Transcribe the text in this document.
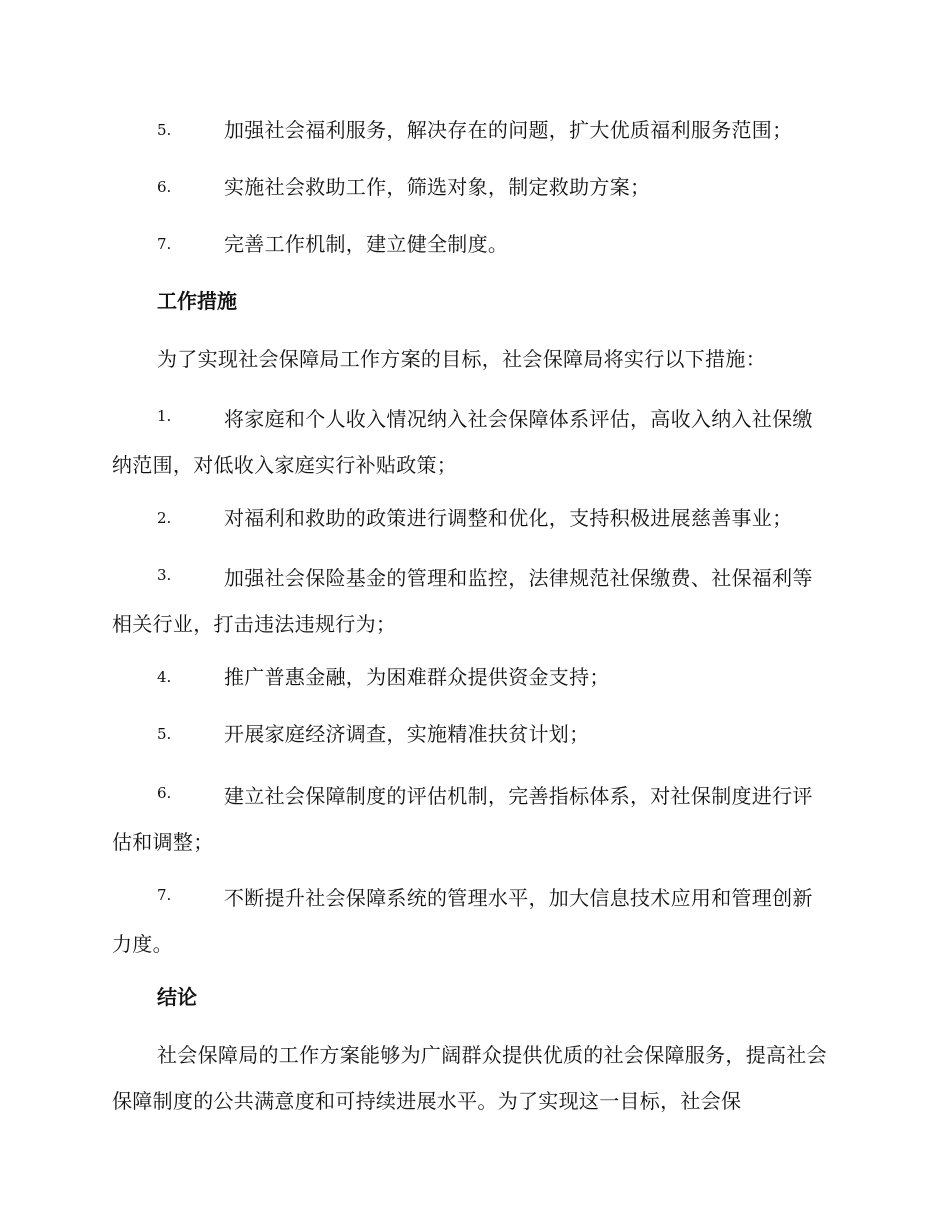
5.	加强社会福利服务，解决存在的问题，扩大优质福利服务范围；

6.	实施社会救助工作，筛选对象，制定救助方案；

7.	完善工作机制，建立健全制度。

工作措施

为了实现社会保障局工作方案的目标，社会保障局将实行以下措施：

1.	将家庭和个人收入情况纳入社会保障体系评估，高收入纳入社保缴纳范围，对低收入家庭实行补贴政策；

2.	对福利和救助的政策进行调整和优化，支持积极进展慈善事业；

3.	加强社会保险基金的管理和监控，法律规范社保缴费、社保福利等相关行业，打击违法违规行为；

4.	推广普惠金融，为困难群众提供资金支持；

5.	开展家庭经济调查，实施精准扶贫计划；

6.	建立社会保障制度的评估机制，完善指标体系，对社保制度进行评估和调整；

7.	不断提升社会保障系统的管理水平，加大信息技术应用和管理创新力度。

结论

社会保障局的工作方案能够为广阔群众提供优质的社会保障服务，提高社会保障制度的公共满意度和可持续进展水平。为了实现这一目标，社会保
